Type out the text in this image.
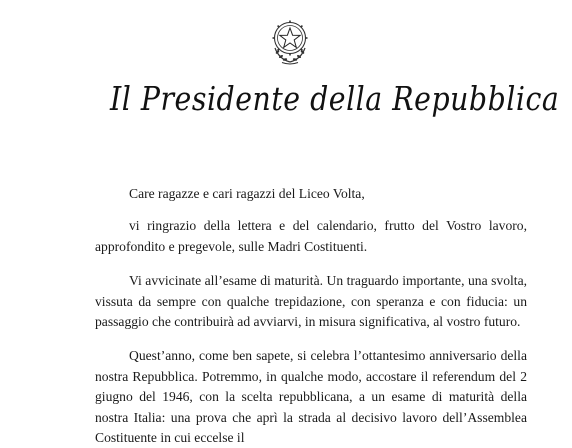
Il Presidente della Repubblica

Care ragazze e cari ragazzi del Liceo Volta,

vi ringrazio della lettera e del calendario, frutto del Vostro lavoro, approfondito e pregevole, sulle Madri Costituenti.

Vi avvicinate all’esame di maturità. Un traguardo importante, una svolta, vissuta da sempre con qualche trepidazione, con speranza e con fiducia: un passaggio che contribuirà ad avviarvi, in misura significativa, al vostro futuro.

Quest’anno, come ben sapete, si celebra l’ottantesimo anniversario della nostra Repubblica. Potremmo, in qualche modo, accostare il referendum del 2 giugno del 1946, con la scelta repubblicana, a un esame di maturità della nostra Italia: una prova che aprì la strada al decisivo lavoro dell’Assemblea Costituente in cui eccelse il
